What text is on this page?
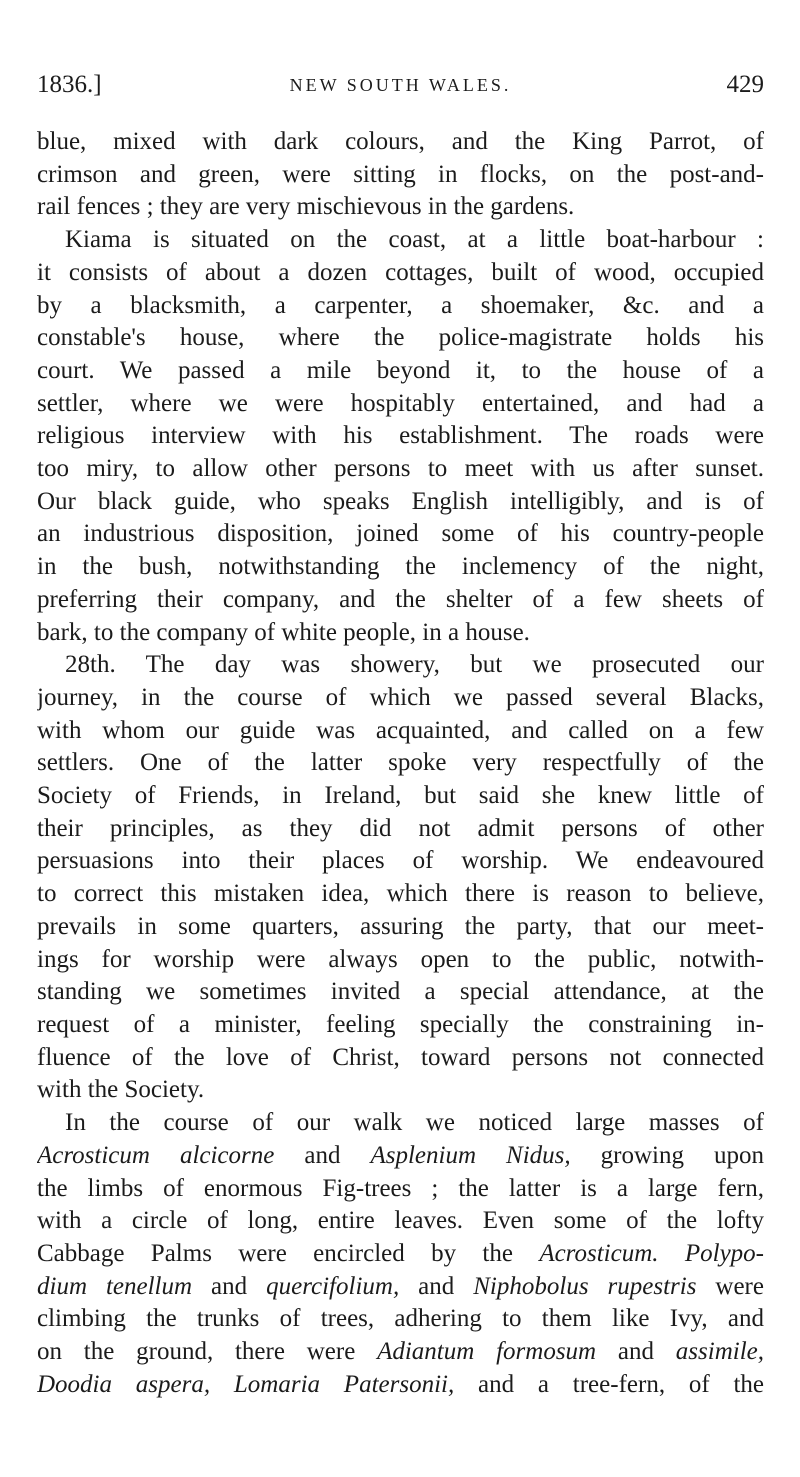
1836.]	NEW SOUTH WALES.	429
blue, mixed with dark colours, and the King Parrot, of
crimson and green, were sitting in flocks, on the post-and-
rail fences ; they are very mischievous in the gardens.
Kiama is situated on the coast, at a little boat-harbour :
it consists of about a dozen cottages, built of wood, occupied
by a blacksmith, a carpenter, a shoemaker, &c. and a
constable's house, where the police-magistrate holds his
court. We passed a mile beyond it, to the house of a
settler, where we were hospitably entertained, and had a
religious interview with his establishment. The roads were
too miry, to allow other persons to meet with us after sunset.
Our black guide, who speaks English intelligibly, and is of
an industrious disposition, joined some of his country-people
in the bush, notwithstanding the inclemency of the night,
preferring their company, and the shelter of a few sheets of
bark, to the company of white people, in a house.
28th. The day was showery, but we prosecuted our
journey, in the course of which we passed several Blacks,
with whom our guide was acquainted, and called on a few
settlers. One of the latter spoke very respectfully of the
Society of Friends, in Ireland, but said she knew little of
their principles, as they did not admit persons of other
persuasions into their places of worship. We endeavoured
to correct this mistaken idea, which there is reason to believe,
prevails in some quarters, assuring the party, that our meet-
ings for worship were always open to the public, notwith-
standing we sometimes invited a special attendance, at the
request of a minister, feeling specially the constraining in-
fluence of the love of Christ, toward persons not connected
with the Society.
In the course of our walk we noticed large masses of
Acrosticum alcicorne and Asplenium Nidus, growing upon
the limbs of enormous Fig-trees ; the latter is a large fern,
with a circle of long, entire leaves. Even some of the lofty
Cabbage Palms were encircled by the Acrosticum. Polypo-
dium tenellum and quercifolium, and Niphobolus rupestris were
climbing the trunks of trees, adhering to them like Ivy, and
on the ground, there were Adiantum formosum and assimile,
Doodia aspera, Lomaria Patersonii, and a tree-fern, of the
